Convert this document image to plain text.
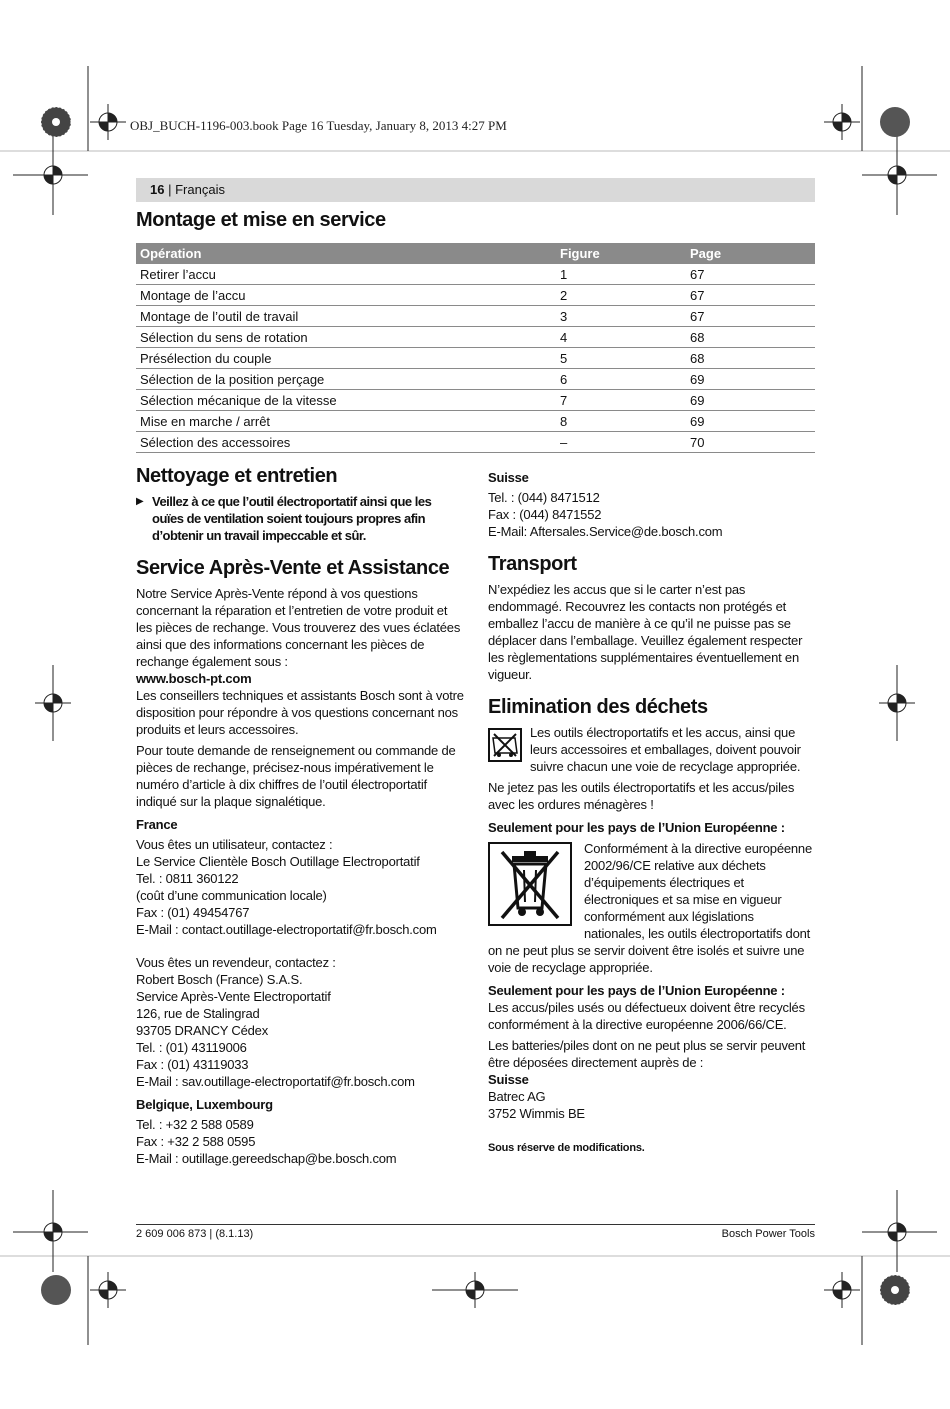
OBJ_BUCH-1196-003.book Page 16 Tuesday, January 8, 2013 4:27 PM
16 | Français
Montage et mise en service
Opération	Figure	Page
Retirer l’accu	1	67
Montage de l’accu	2	67
Montage de l’outil de travail	3	67
Sélection du sens de rotation	4	68
Présélection du couple	5	68
Sélection de la position perçage	6	69
Sélection mécanique de la vitesse	7	69
Mise en marche / arrêt	8	69
Sélection des accessoires	–	70
Nettoyage et entretien
▶ Veillez à ce que l’outil électroportatif ainsi que les ouïes de ventilation soient toujours propres afin d’obtenir un travail impeccable et sûr.

Service Après-Vente et Assistance

Notre Service Après-Vente répond à vos questions concernant la réparation et l’entretien de votre produit et les pièces de rechange. Vous trouverez des vues éclatées ainsi que des informations concernant les pièces de rechange également sous :

www.bosch-pt.com

Les conseillers techniques et assistants Bosch sont à votre disposition pour répondre à vos questions concernant nos produits et leurs accessoires.

Pour toute demande de renseignement ou commande de pièces de rechange, précisez-nous impérativement le numéro d’article à dix chiffres de l’outil électroportatif indiqué sur la plaque signalétique.

France

Vous êtes un utilisateur, contactez :

Le Service Clientèle Bosch Outillage Electroportatif

Tel. : 0811 360122

(coût d’une communication locale)

Fax : (01) 49454767

E-Mail : contact.outillage-electroportatif@fr.bosch.com

Vous êtes un revendeur, contactez :

Robert Bosch (France) S.A.S.

Service Après-Vente Electroportatif

126, rue de Stalingrad

93705 DRANCY Cédex

Tel. : (01) 43119006

Fax : (01) 43119033

E-Mail : sav.outillage-electroportatif@fr.bosch.com

Belgique, Luxembourg

Tel. : +32 2 588 0589

Fax : +32 2 588 0595

E-Mail : outillage.gereedschap@be.bosch.com

Suisse

Tel. : (044) 8471512

Fax : (044) 8471552

E-Mail: Aftersales.Service@de.bosch.com

Transport

N’expédiez les accus que si le carter n’est pas endommagé. Recouvrez les contacts non protégés et emballez l’accu de manière à ce qu’il ne puisse pas se déplacer dans l’emballage. Veuillez également respecter les règlementations supplémentaires éventuellement en vigueur.

Elimination des déchets

Les outils électroportatifs et les accus, ainsi que leurs accessoires et emballages, doivent pouvoir suivre chacun une voie de recyclage appropriée.

Ne jetez pas les outils électroportatifs et les accus/piles avec les ordures ménagères !

Seulement pour les pays de l’Union Européenne :

Conformément à la directive européenne 2002/96/CE relative aux déchets d’équipements électriques et électroniques et sa mise en vigueur conformément aux législations nationales, les outils électroportatifs dont on ne peut plus se servir doivent être isolés et suivre une voie de recyclage appropriée.

Seulement pour les pays de l’Union Européenne :

Les accus/piles usés ou défectueux doivent être recyclés conformément à la directive européenne 2006/66/CE.

Les batteries/piles dont on ne peut plus se servir peuvent être déposées directement auprès de :

Suisse

Batrec AG

3752 Wimmis BE

Sous réserve de modifications.

2 609 006 873 | (8.1.13)	Bosch Power Tools
